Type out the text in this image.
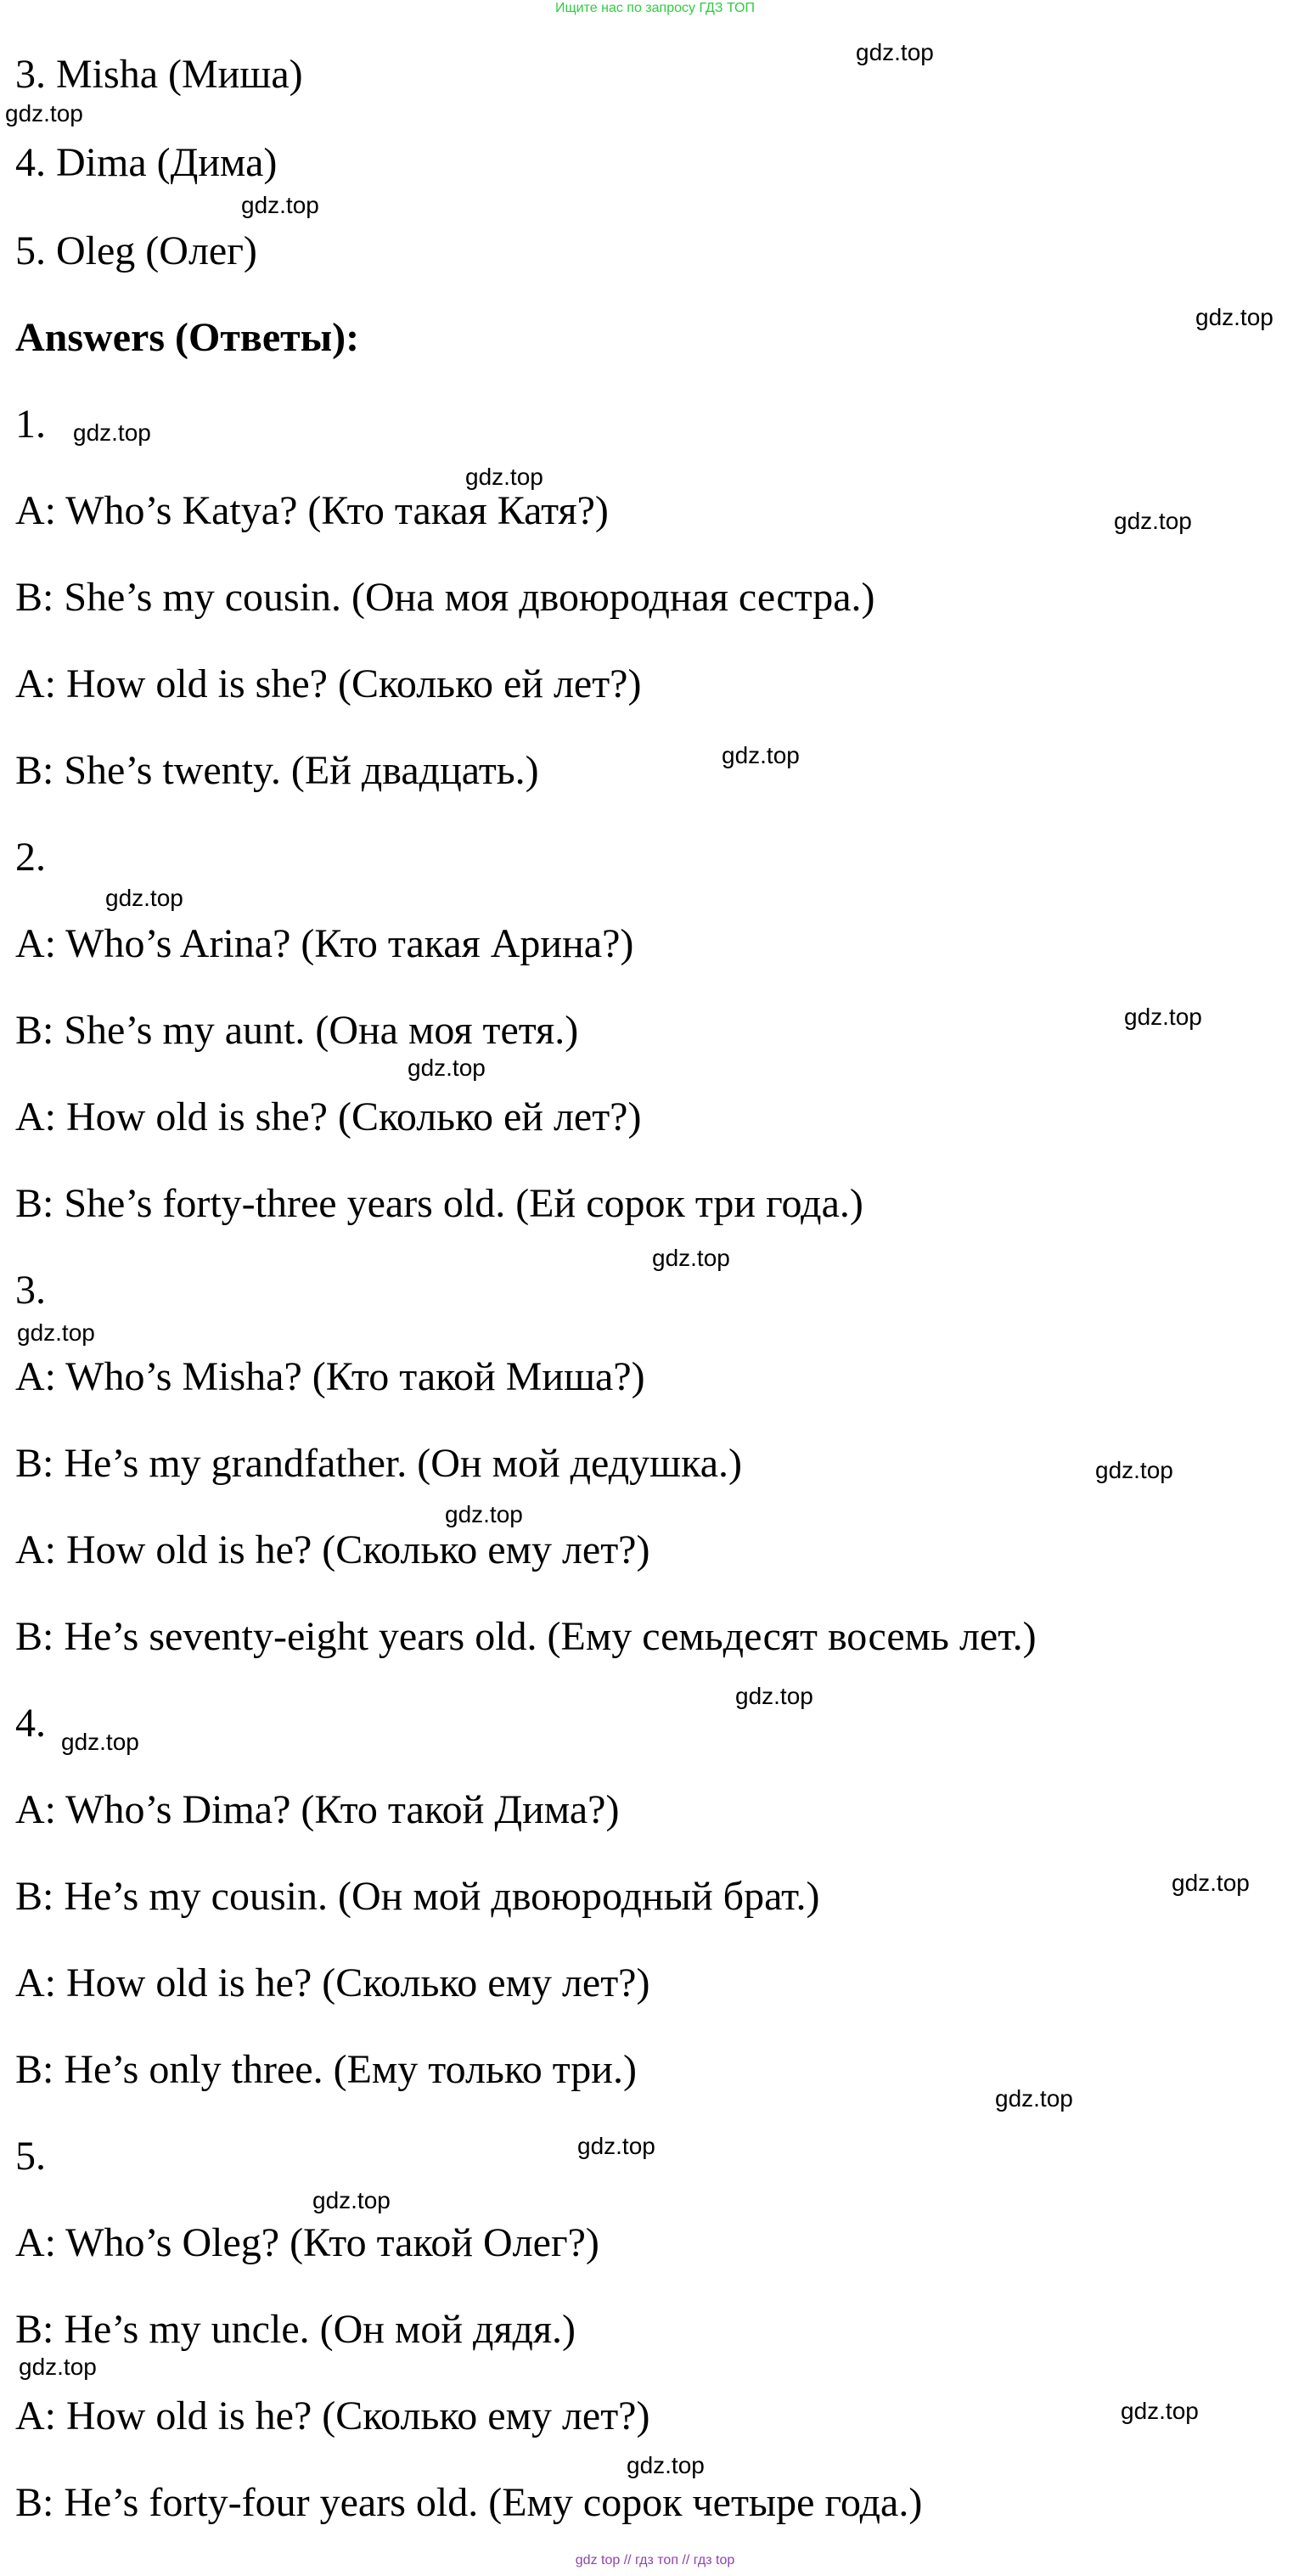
Ищите нас по запросу ГДЗ ТОП
3. Misha (Миша)
4. Dima (Дима)
5. Oleg (Олег)
Answers (Ответы):
1.
A: Who’s Katya? (Кто такая Катя?)
B: She’s my cousin. (Она моя двоюродная сестра.)
A: How old is she? (Сколько ей лет?)
B: She’s twenty. (Ей двадцать.)
2.
A: Who’s Arina? (Кто такая Арина?)
B: She’s my aunt. (Она моя тетя.)
A: How old is she? (Сколько ей лет?)
B: She’s forty-three years old. (Ей сорок три года.)
3.
A: Who’s Misha? (Кто такой Миша?)
B: He’s my grandfather. (Он мой дедушка.)
A: How old is he? (Сколько ему лет?)
B: He’s seventy-eight years old. (Ему семьдесят восемь лет.)
4.
A: Who’s Dima? (Кто такой Дима?)
B: He’s my cousin. (Он мой двоюродный брат.)
A: How old is he? (Сколько ему лет?)
B: He’s only three. (Ему только три.)
5.
A: Who’s Oleg? (Кто такой Олег?)
B: He’s my uncle. (Он мой дядя.)
A: How old is he? (Сколько ему лет?)
B: He’s forty-four years old. (Ему сорок четыре года.)
gdz.top
gdz.top
gdz.top
gdz.top
gdz.top
gdz.top
gdz.top
gdz.top
gdz.top
gdz.top
gdz.top
gdz.top
gdz.top
gdz.top
gdz.top
gdz.top
gdz.top
gdz.top
gdz.top
gdz.top
gdz.top
gdz.top
gdz.top
gdz.top
gdz top // гдз топ // гдз top
